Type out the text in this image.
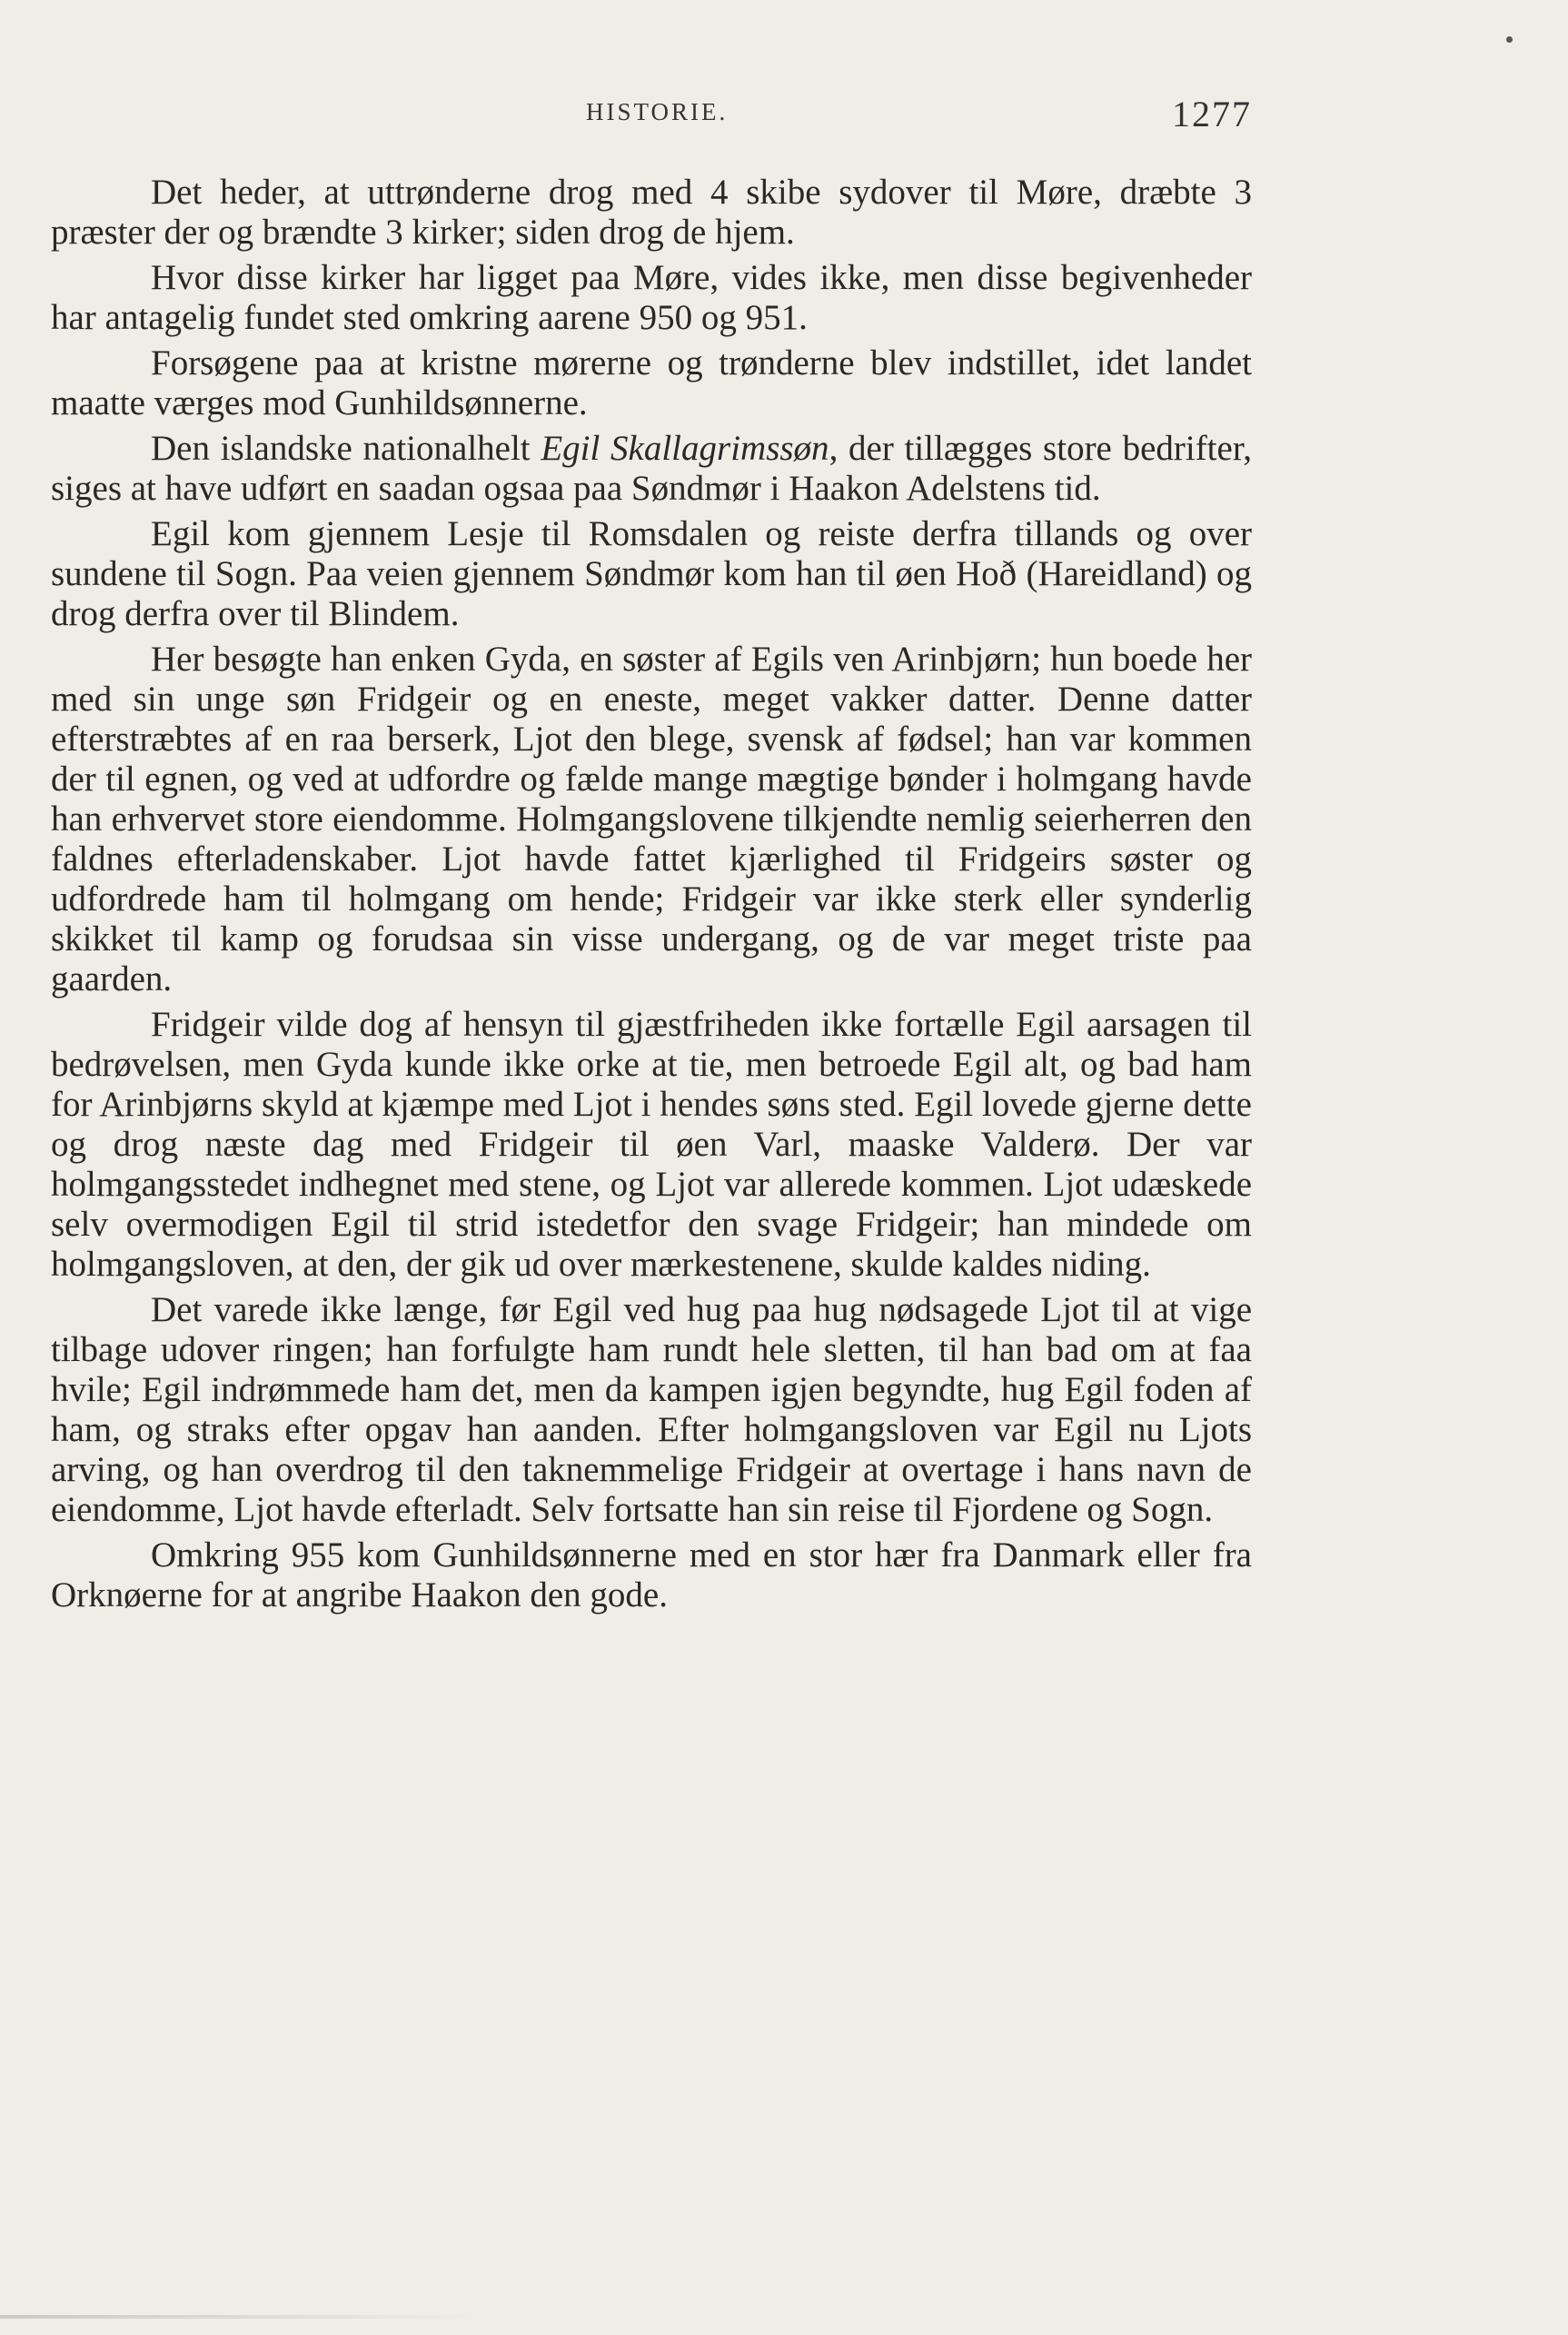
HISTORIE.	1277

Det heder, at uttrønderne drog med 4 skibe sydover til Møre, dræbte 3 præster der og brændte 3 kirker; siden drog de hjem.

Hvor disse kirker har ligget paa Møre, vides ikke, men disse begivenheder har antagelig fundet sted omkring aarene 950 og 951.

Forsøgene paa at kristne mørerne og trønderne blev indstillet, idet landet maatte værges mod Gunhildsønnerne.

Den islandske nationalhelt Egil Skallagrimssøn, der tillægges store bedrifter, siges at have udført en saadan ogsaa paa Søndmør i Haakon Adelstens tid.

Egil kom gjennem Lesje til Romsdalen og reiste derfra tillands og over sundene til Sogn. Paa veien gjennem Søndmør kom han til øen Hoð (Hareidland) og drog derfra over til Blindem.

Her besøgte han enken Gyda, en søster af Egils ven Arinbjørn; hun boede her med sin unge søn Fridgeir og en eneste, meget vakker datter. Denne datter efterstræbtes af en raa berserk, Ljot den blege, svensk af fødsel; han var kommen der til egnen, og ved at udfordre og fælde mange mægtige bønder i holmgang havde han erhvervet store eiendomme. Holmgangslovene tilkjendte nemlig seierherren den faldnes efterladenskaber. Ljot havde fattet kjærlighed til Fridgeirs søster og udfordrede ham til holmgang om hende; Fridgeir var ikke sterk eller synderlig skikket til kamp og forudsaa sin visse undergang, og de var meget triste paa gaarden.

Fridgeir vilde dog af hensyn til gjæstfriheden ikke fortælle Egil aarsagen til bedrøvelsen, men Gyda kunde ikke orke at tie, men betroede Egil alt, og bad ham for Arinbjørns skyld at kjæmpe med Ljot i hendes søns sted. Egil lovede gjerne dette og drog næste dag med Fridgeir til øen Varl, maaske Valderø. Der var holmgangsstedet indhegnet med stene, og Ljot var allerede kommen. Ljot udæskede selv overmodigen Egil til strid istedetfor den svage Fridgeir; han mindede om holmgangsloven, at den, der gik ud over mærkestenene, skulde kaldes niding.

Det varede ikke længe, før Egil ved hug paa hug nødsagede Ljot til at vige tilbage udover ringen; han forfulgte ham rundt hele sletten, til han bad om at faa hvile; Egil indrømmede ham det, men da kampen igjen begyndte, hug Egil foden af ham, og straks efter opgav han aanden. Efter holmgangsloven var Egil nu Ljots arving, og han overdrog til den taknemmelige Fridgeir at overtage i hans navn de eiendomme, Ljot havde efterladt. Selv fortsatte han sin reise til Fjordene og Sogn.

Omkring 955 kom Gunhildsønnerne med en stor hær fra Danmark eller fra Orknøerne for at angribe Haakon den gode.
